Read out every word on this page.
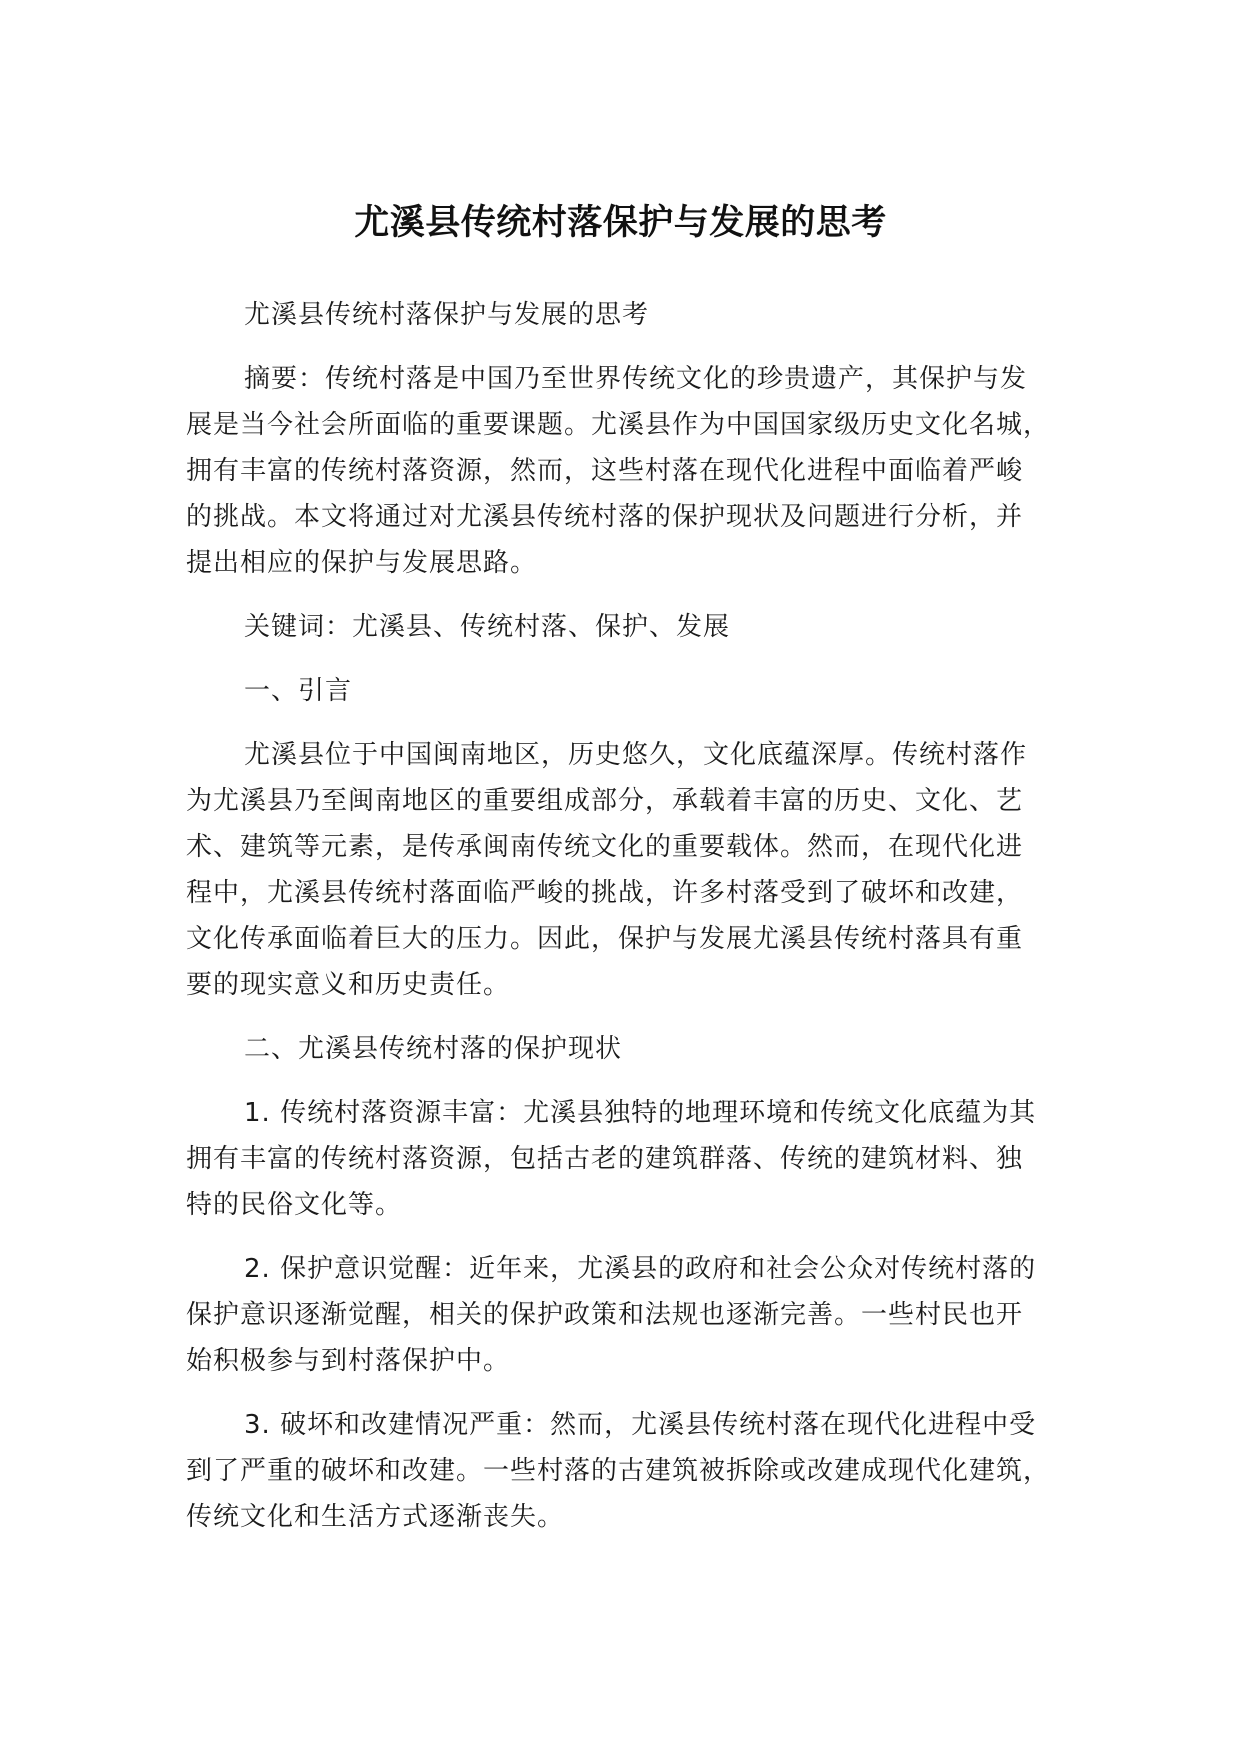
尤溪县传统村落保护与发展的思考

尤溪县传统村落保护与发展的思考

摘要：传统村落是中国乃至世界传统文化的珍贵遗产，其保护与发
展是当今社会所面临的重要课题。尤溪县作为中国国家级历史文化名城，
拥有丰富的传统村落资源，然而，这些村落在现代化进程中面临着严峻
的挑战。本文将通过对尤溪县传统村落的保护现状及问题进行分析，并
提出相应的保护与发展思路。

关键词：尤溪县、传统村落、保护、发展

一、引言

尤溪县位于中国闽南地区，历史悠久，文化底蕴深厚。传统村落作
为尤溪县乃至闽南地区的重要组成部分，承载着丰富的历史、文化、艺
术、建筑等元素，是传承闽南传统文化的重要载体。然而，在现代化进
程中，尤溪县传统村落面临严峻的挑战，许多村落受到了破坏和改建，
文化传承面临着巨大的压力。因此，保护与发展尤溪县传统村落具有重
要的现实意义和历史责任。

二、尤溪县传统村落的保护现状

1. 传统村落资源丰富：尤溪县独特的地理环境和传统文化底蕴为其
拥有丰富的传统村落资源，包括古老的建筑群落、传统的建筑材料、独
特的民俗文化等。

2. 保护意识觉醒：近年来，尤溪县的政府和社会公众对传统村落的
保护意识逐渐觉醒，相关的保护政策和法规也逐渐完善。一些村民也开
始积极参与到村落保护中。

3. 破坏和改建情况严重：然而，尤溪县传统村落在现代化进程中受
到了严重的破坏和改建。一些村落的古建筑被拆除或改建成现代化建筑，
传统文化和生活方式逐渐丧失。
